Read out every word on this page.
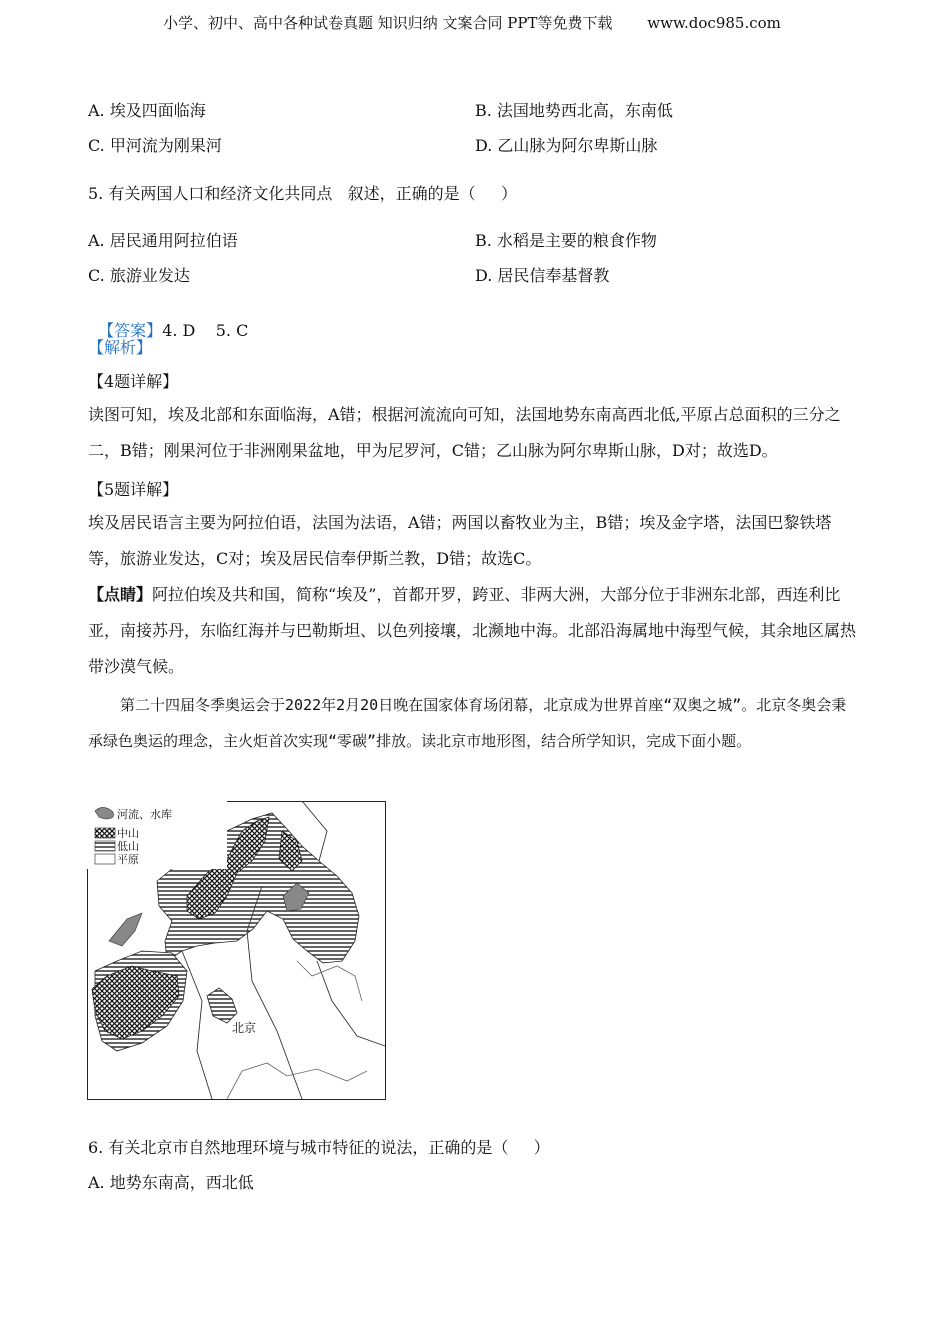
小学、初中、高中各种试卷真题 知识归纳 文案合同 PPT等免费下载 www.doc985.com
A. 埃及四面临海	B. 法国地势西北高，东南低
C. 甲河流为刚果河	D. 乙山脉为阿尔卑斯山脉
5. 有关两国人口和经济文化共同点   叙述，正确的是（     ）
A. 居民通用阿拉伯语	B. 水稻是主要的粮食作物
C. 旅游业发达	D. 居民信奉基督教

【答案】4. D    5. C

【解析】
【4题详解】
读图可知，埃及北部和东面临海，A错；根据河流流向可知，法国地势东南高西北低,平原占总面积的三分之二，B错；刚果河位于非洲刚果盆地，甲为尼罗河，C错；乙山脉为阿尔卑斯山脉，D对；故选D。
【5题详解】
埃及居民语言主要为阿拉伯语，法国为法语，A错；两国以畜牧业为主，B错；埃及金字塔，法国巴黎铁塔等，旅游业发达，C对；埃及居民信奉伊斯兰教，D错；故选C。
【点睛】阿拉伯埃及共和国，简称“埃及”，首都开罗，跨亚、非两大洲，大部分位于非洲东北部，西连利比亚，南接苏丹，东临红海并与巴勒斯坦、以色列接壤，北濒地中海。北部沿海属地中海型气候，其余地区属热带沙漠气候。
第二十四届冬季奥运会于2022年2月20日晚在国家体育场闭幕，北京成为世界首座“双奥之城”。北京冬奥会秉承绿色奥运的理念，主火炬首次实现“零碳”排放。读北京市地形图，结合所学知识，完成下面小题。
河流、水库
中山
低山
平原
北京
6. 有关北京市自然地理环境与城市特征的说法，正确的是（     ）
A. 地势东南高，西北低
